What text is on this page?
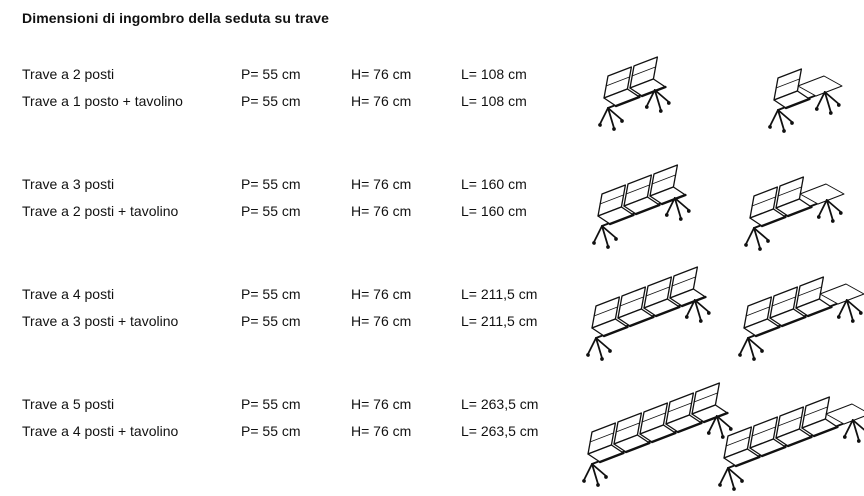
Dimensioni di ingombro della seduta su trave
Trave a 2 posti	P= 55 cm	H= 76 cm	L= 108 cm
Trave a 1 posto + tavolino	P= 55 cm	H= 76 cm	L= 108 cm
Trave a 3 posti	P= 55 cm	H= 76 cm	L= 160 cm
Trave a 2 posti + tavolino	P= 55 cm	H= 76 cm	L= 160 cm
Trave a 4 posti	P= 55 cm	H= 76 cm	L= 211,5 cm
Trave a 3 posti + tavolino	P= 55 cm	H= 76 cm	L= 211,5 cm
Trave a 5 posti	P= 55 cm	H= 76 cm	L= 263,5 cm
Trave a 4 posti + tavolino	P= 55 cm	H= 76 cm	L= 263,5 cm
